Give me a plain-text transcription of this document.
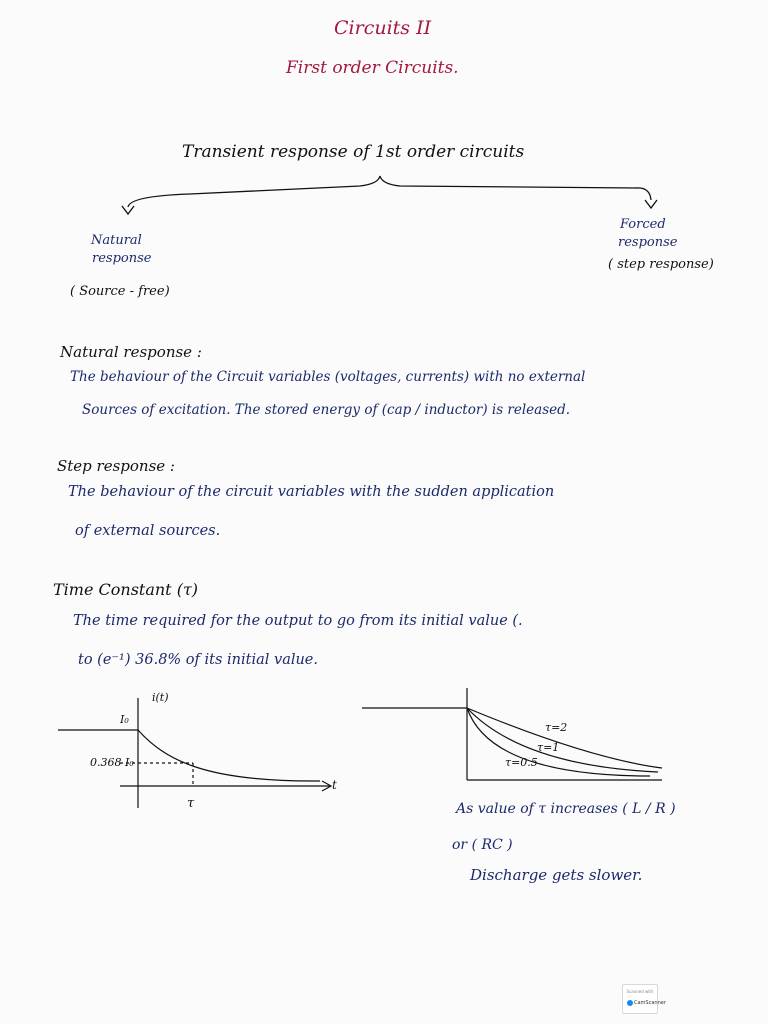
Circuits II
First order Circuits.
Transient response of 1st order circuits
Natural
response
( Source - free)
Forced
response
( step response)
Natural response :
The behaviour of the Circuit variables (voltages, currents) with no external
Sources of excitation. The stored energy of (cap / inductor) is released.
Step response :
The behaviour of the circuit variables with the sudden application
of external sources.
Time Constant (τ)
The time required for the output to go from its initial value (.
to (e⁻¹) 36.8% of its initial value.
i(t)
I₀
0.368 I₀
τ
t
τ=2
τ=1
τ=0.5
As value of τ increases ( L / R )
or ( RC )
Discharge gets slower.
Scanned with
CamScanner
